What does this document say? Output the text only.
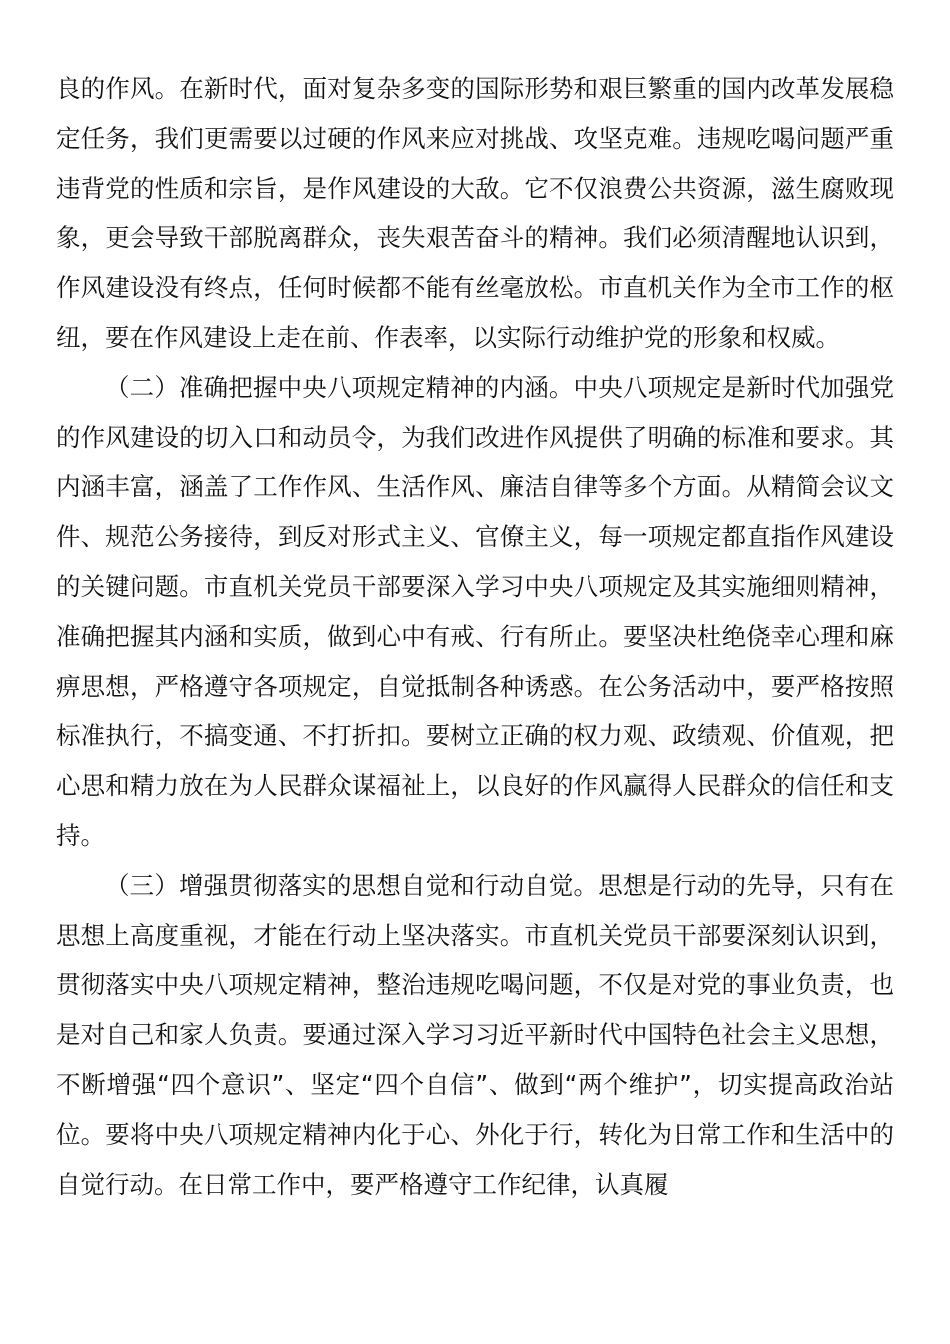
良的作风。在新时代，面对复杂多变的国际形势和艰巨繁重的国内改革发展稳定任务，我们更需要以过硬的作风来应对挑战、攻坚克难。违规吃喝问题严重违背党的性质和宗旨，是作风建设的大敌。它不仅浪费公共资源，滋生腐败现象，更会导致干部脱离群众，丧失艰苦奋斗的精神。我们必须清醒地认识到，作风建设没有终点，任何时候都不能有丝毫放松。市直机关作为全市工作的枢纽，要在作风建设上走在前、作表率，以实际行动维护党的形象和权威。

（二）准确把握中央八项规定精神的内涵。中央八项规定是新时代加强党的作风建设的切入口和动员令，为我们改进作风提供了明确的标准和要求。其内涵丰富，涵盖了工作作风、生活作风、廉洁自律等多个方面。从精简会议文件、规范公务接待，到反对形式主义、官僚主义，每一项规定都直指作风建设的关键问题。市直机关党员干部要深入学习中央八项规定及其实施细则精神，准确把握其内涵和实质，做到心中有戒、行有所止。要坚决杜绝侥幸心理和麻痹思想，严格遵守各项规定，自觉抵制各种诱惑。在公务活动中，要严格按照标准执行，不搞变通、不打折扣。要树立正确的权力观、政绩观、价值观，把心思和精力放在为人民群众谋福祉上，以良好的作风赢得人民群众的信任和支持。

（三）增强贯彻落实的思想自觉和行动自觉。思想是行动的先导，只有在思想上高度重视，才能在行动上坚决落实。市直机关党员干部要深刻认识到，贯彻落实中央八项规定精神，整治违规吃喝问题，不仅是对党的事业负责，也是对自己和家人负责。要通过深入学习习近平新时代中国特色社会主义思想，不断增强“四个意识”、坚定“四个自信”、做到“两个维护”，切实提高政治站位。要将中央八项规定精神内化于心、外化于行，转化为日常工作和生活中的自觉行动。在日常工作中，要严格遵守工作纪律，认真履
